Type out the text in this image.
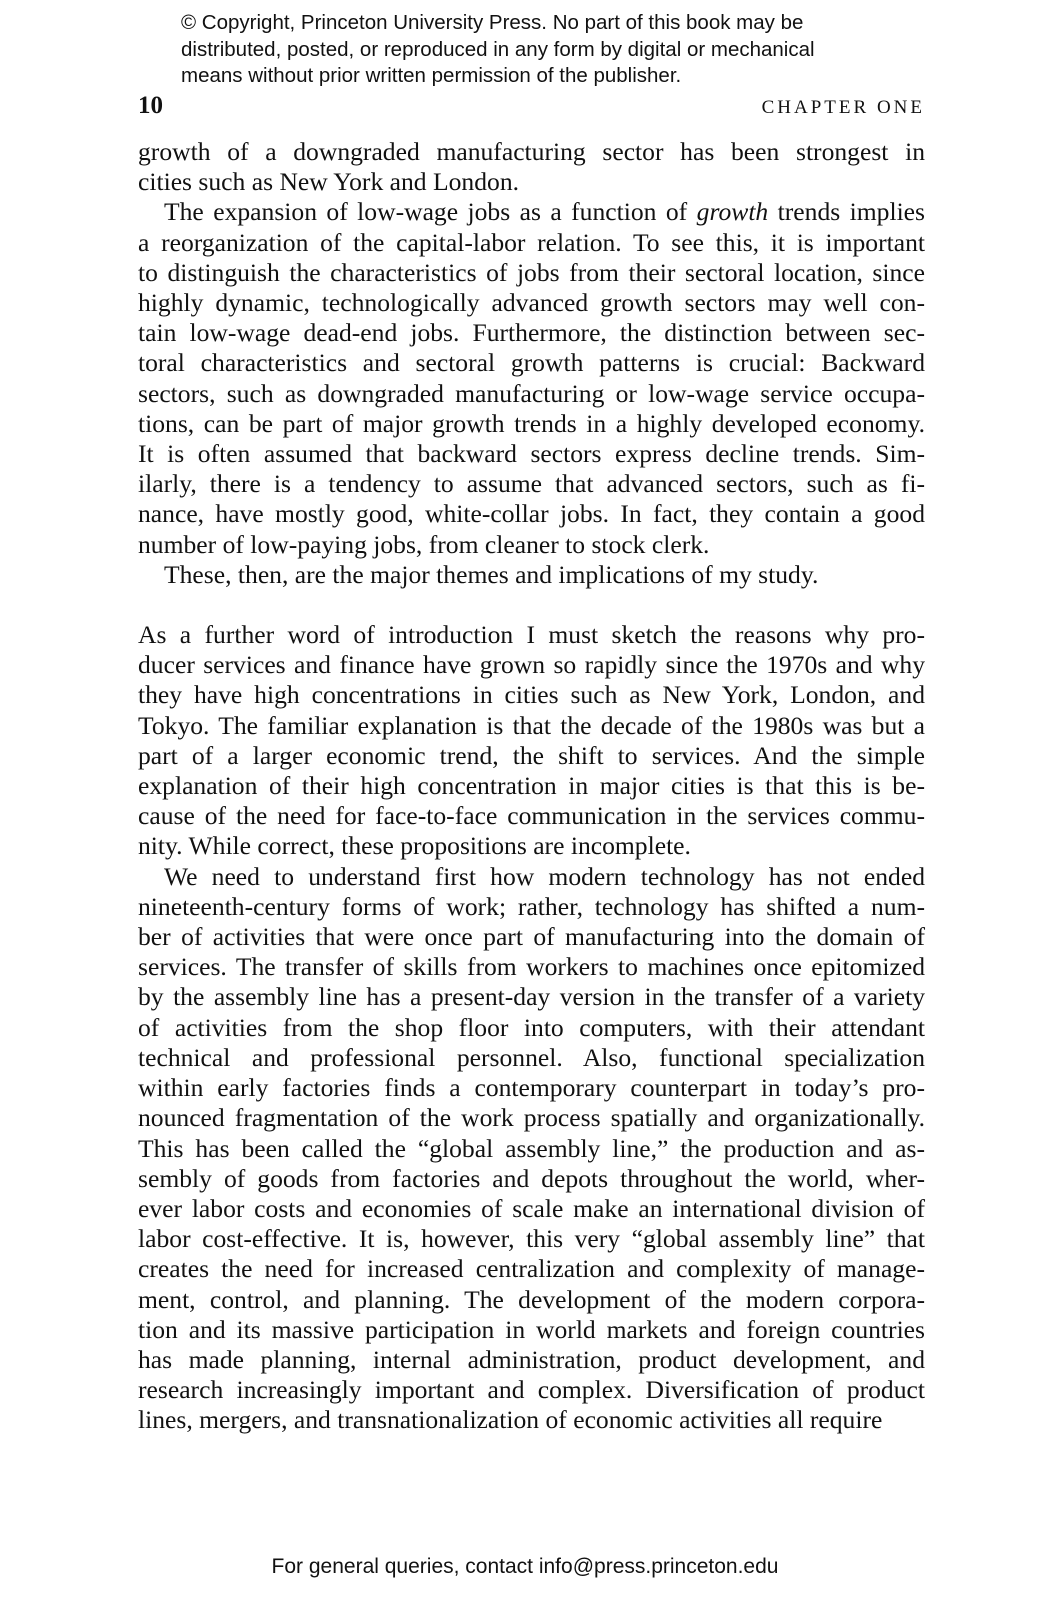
© Copyright, Princeton University Press. No part of this book may be
distributed, posted, or reproduced in any form by digital or mechanical
means without prior written permission of the publisher.
10	CHAPTER ONE
growth of a downgraded manufacturing sector has been strongest in
cities such as New York and London.
The expansion of low-wage jobs as a function of growth trends implies
a reorganization of the capital-labor relation. To see this, it is important
to distinguish the characteristics of jobs from their sectoral location, since
highly dynamic, technologically advanced growth sectors may well con-
tain low-wage dead-end jobs. Furthermore, the distinction between sec-
toral characteristics and sectoral growth patterns is crucial: Backward
sectors, such as downgraded manufacturing or low-wage service occupa-
tions, can be part of major growth trends in a highly developed economy.
It is often assumed that backward sectors express decline trends. Sim-
ilarly, there is a tendency to assume that advanced sectors, such as fi-
nance, have mostly good, white-collar jobs. In fact, they contain a good
number of low-paying jobs, from cleaner to stock clerk.
These, then, are the major themes and implications of my study.
As a further word of introduction I must sketch the reasons why pro-
ducer services and finance have grown so rapidly since the 1970s and why
they have high concentrations in cities such as New York, London, and
Tokyo. The familiar explanation is that the decade of the 1980s was but a
part of a larger economic trend, the shift to services. And the simple
explanation of their high concentration in major cities is that this is be-
cause of the need for face-to-face communication in the services commu-
nity. While correct, these propositions are incomplete.
We need to understand first how modern technology has not ended
nineteenth-century forms of work; rather, technology has shifted a num-
ber of activities that were once part of manufacturing into the domain of
services. The transfer of skills from workers to machines once epitomized
by the assembly line has a present-day version in the transfer of a variety
of activities from the shop floor into computers, with their attendant
technical and professional personnel. Also, functional specialization
within early factories finds a contemporary counterpart in today’s pro-
nounced fragmentation of the work process spatially and organizationally.
This has been called the “global assembly line,” the production and as-
sembly of goods from factories and depots throughout the world, wher-
ever labor costs and economies of scale make an international division of
labor cost-effective. It is, however, this very “global assembly line” that
creates the need for increased centralization and complexity of manage-
ment, control, and planning. The development of the modern corpora-
tion and its massive participation in world markets and foreign countries
has made planning, internal administration, product development, and
research increasingly important and complex. Diversification of product
lines, mergers, and transnationalization of economic activities all require
For general queries, contact info@press.princeton.edu
